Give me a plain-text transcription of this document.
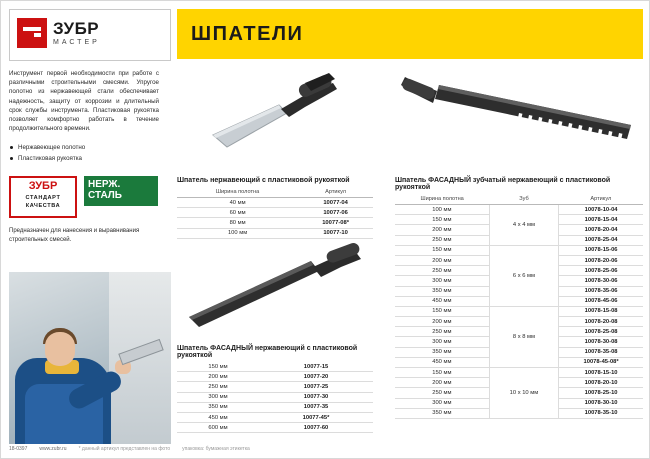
ЗУБР
МАСТЕР
Инструмент первой необходимости при работе с различными строительными смесями. Упругое полотно из нержавеющей стали обеспечивает надежность, защиту от коррозии и длительный срок службы инструмента. Пластиковая рукоятка позволяет комфортно работать в течение продолжительного времени.
Нержавеющее полотно
Пластиковая рукоятка
ЗУБР
СТАНДАРТ
КАЧЕСТВА
НЕРЖ.
СТАЛЬ
Предназначен для нанесения и выравнивания строительных смесей.
ШПАТЕЛИ
Шпатель нержавеющий с пластиковой рукояткой
Ширина полотна	Артикул
40 мм	10077-04
60 мм	10077-06
80 мм	10077-08*
100 мм	10077-10
Шпатель ФАСАДНЫЙ нержавеющий с пластиковой рукояткой
150 мм	10077-15
200 мм	10077-20
250 мм	10077-25
300 мм	10077-30
350 мм	10077-35
450 мм	10077-45*
600 мм	10077-60
Шпатель ФАСАДНЫЙ зубчатый нержавеющий с пластиковой рукояткой
Ширина полотна	Зуб	Артикул
100 мм	4 х 4 мм	10078-10-04
150 мм		10078-15-04
200 мм		10078-20-04
250 мм		10078-25-04
150 мм	6 х 6 мм	10078-15-06
200 мм		10078-20-06
250 мм		10078-25-06
300 мм		10078-30-06
350 мм		10078-35-06
450 мм		10078-45-06
150 мм	8 х 8 мм	10078-15-08
200 мм		10078-20-08
250 мм		10078-25-08
300 мм		10078-30-08
350 мм		10078-35-08
450 мм		10078-45-08*
150 мм	10 х 10 мм	10078-15-10
200 мм		10078-20-10
250 мм		10078-25-10
300 мм		10078-30-10
350 мм		10078-35-10
18-0397 www.zubr.ru * данный артикул представлен на фото упаковка: бумажная этикетка
